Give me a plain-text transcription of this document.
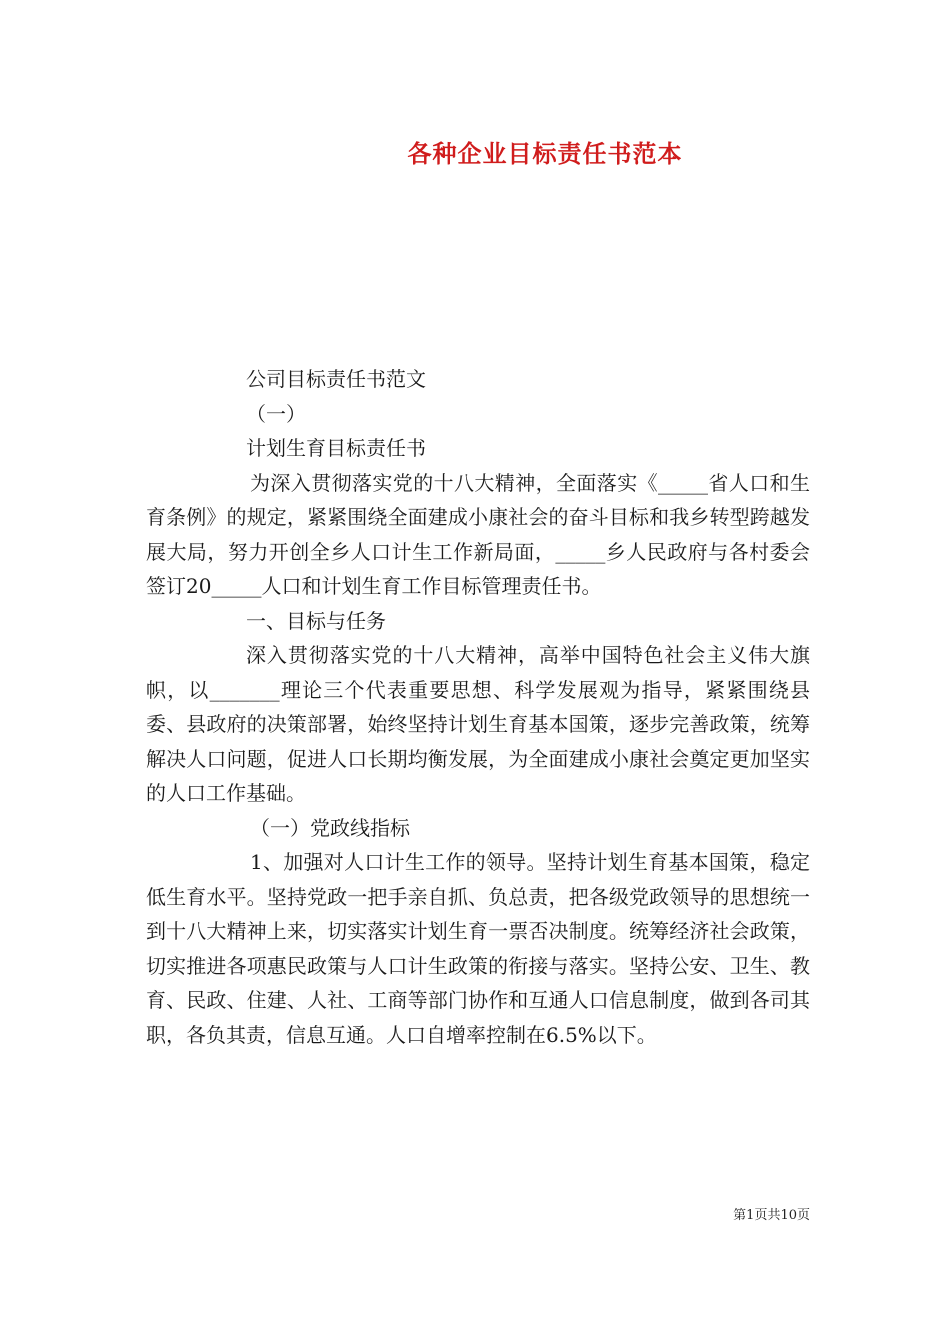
各种企业目标责任书范本

公司目标责任书范文

（一）

计划生育目标责任书

为深入贯彻落实党的十八大精神，全面落实《_____省人口和生育条例》的规定，紧紧围绕全面建成小康社会的奋斗目标和我乡转型跨越发展大局，努力开创全乡人口计生工作新局面，_____乡人民政府与各村委会签订20_____人口和计划生育工作目标管理责任书。

一、目标与任务

深入贯彻落实党的十八大精神，高举中国特色社会主义伟大旗帜，以_______理论三个代表重要思想、科学发展观为指导，紧紧围绕县委、县政府的决策部署，始终坚持计划生育基本国策，逐步完善政策，统筹解决人口问题，促进人口长期均衡发展，为全面建成小康社会奠定更加坚实的人口工作基础。

（一）党政线指标

1、加强对人口计生工作的领导。坚持计划生育基本国策，稳定低生育水平。坚持党政一把手亲自抓、负总责，把各级党政领导的思想统一到十八大精神上来，切实落实计划生育一票否决制度。统筹经济社会政策，切实推进各项惠民政策与人口计生政策的衔接与落实。坚持公安、卫生、教育、民政、住建、人社、工商等部门协作和互通人口信息制度，做到各司其职，各负其责，信息互通。人口自增率控制在6.5%以下。

第1页共10页
